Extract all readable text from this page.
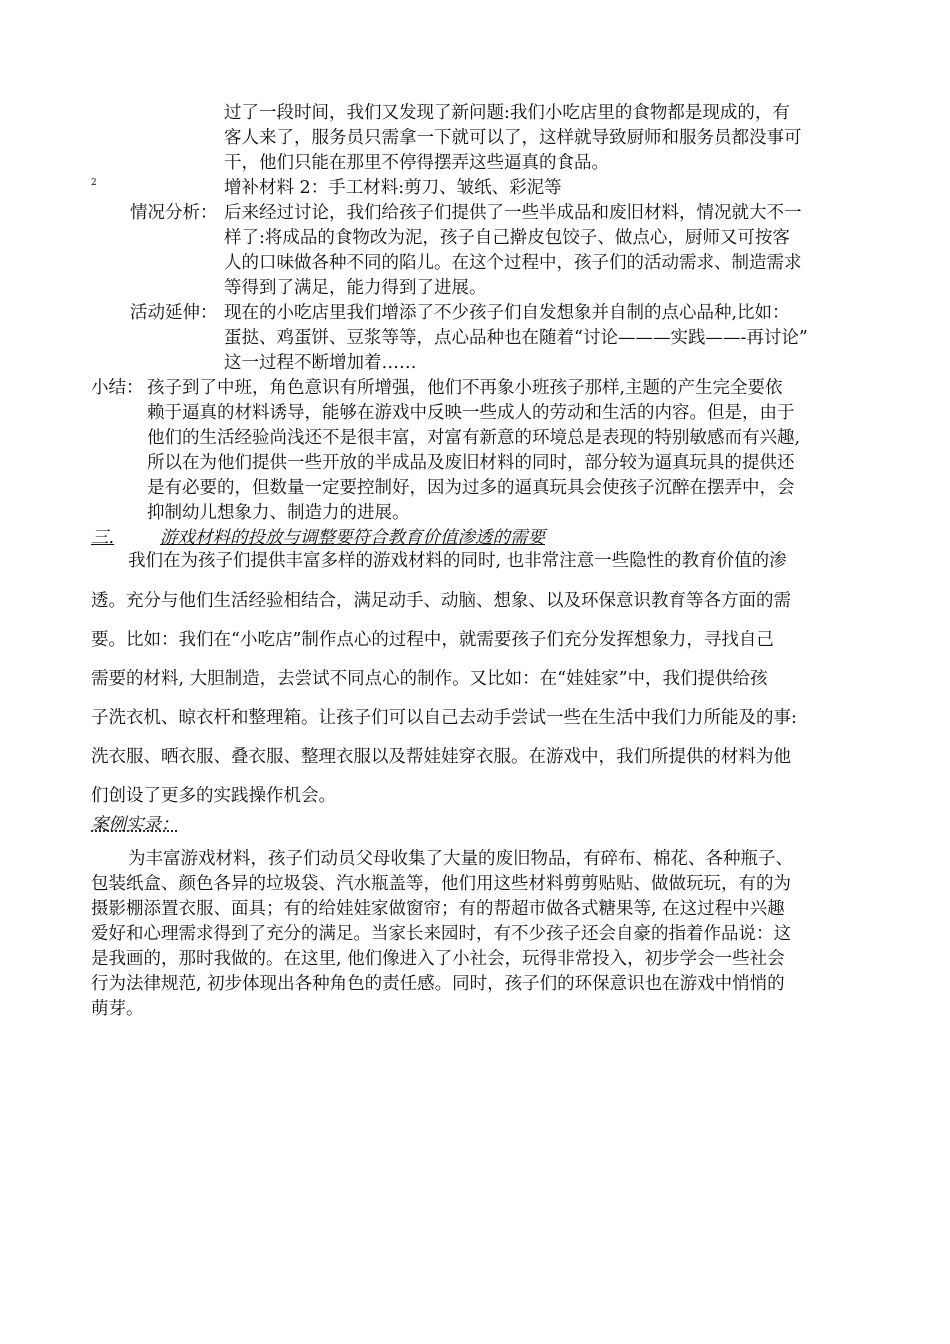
过了一段时间，我们又发现了新问题:我们小吃店里的食物都是现成的，有
客人来了，服务员只需拿一下就可以了，这样就导致厨师和服务员都没事可
干，他们只能在那里不停得摆弄这些逼真的食品。
2	增补材料 2：手工材料:剪刀、皱纸、彩泥等
情况分析： 后来经过讨论，我们给孩子们提供了一些半成品和废旧材料，情况就大不一
样了:将成品的食物改为泥，孩子自己擀皮包饺子、做点心，厨师又可按客
人的口味做各种不同的陷儿。在这个过程中，孩子们的活动需求、制造需求
等得到了满足，能力得到了进展。
活动延伸： 现在的小吃店里我们增添了不少孩子们自发想象并自制的点心品种,比如：
蛋挞、鸡蛋饼、豆浆等等，点心品种也在随着“讨论———实践——-再讨论”
这一过程不断增加着……
小结： 孩子到了中班，角色意识有所增强，他们不再象小班孩子那样,主题的产生完全要依
赖于逼真的材料诱导，能够在游戏中反映一些成人的劳动和生活的内容。但是，由于
他们的生活经验尚浅还不是很丰富，对富有新意的环境总是表现的特别敏感而有兴趣,
所以在为他们提供一些开放的半成品及废旧材料的同时，部分较为逼真玩具的提供还
是有必要的，但数量一定要控制好，因为过多的逼真玩具会使孩子沉醉在摆弄中，会
抑制幼儿想象力、制造力的进展。
三.	游戏材料的投放与调整要符合教育价值渗透的需要
我们在为孩子们提供丰富多样的游戏材料的同时, 也非常注意一些隐性的教育价值的渗
透。充分与他们生活经验相结合，满足动手、动脑、想象、以及环保意识教育等各方面的需
要。比如：我们在“小吃店”制作点心的过程中，就需要孩子们充分发挥想象力，寻找自己
需要的材料, 大胆制造，去尝试不同点心的制作。又比如：在“娃娃家”中，我们提供给孩
子洗衣机、晾衣杆和整理箱。让孩子们可以自己去动手尝试一些在生活中我们力所能及的事:
洗衣服、晒衣服、叠衣服、整理衣服以及帮娃娃穿衣服。在游戏中，我们所提供的材料为他
们创设了更多的实践操作机会。
案例实录：
为丰富游戏材料，孩子们动员父母收集了大量的废旧物品，有碎布、棉花、各种瓶子、
包装纸盒、颜色各异的垃圾袋、汽水瓶盖等，他们用这些材料剪剪贴贴、做做玩玩，有的为
摄影棚添置衣服、面具；有的给娃娃家做窗帘；有的帮超市做各式糖果等, 在这过程中兴趣
爱好和心理需求得到了充分的满足。当家长来园时，有不少孩子还会自豪的指着作品说：这
是我画的，那时我做的。在这里, 他们像进入了小社会，玩得非常投入，初步学会一些社会
行为法律规范, 初步体现出各种角色的责任感。同时，孩子们的环保意识也在游戏中悄悄的
萌芽。
